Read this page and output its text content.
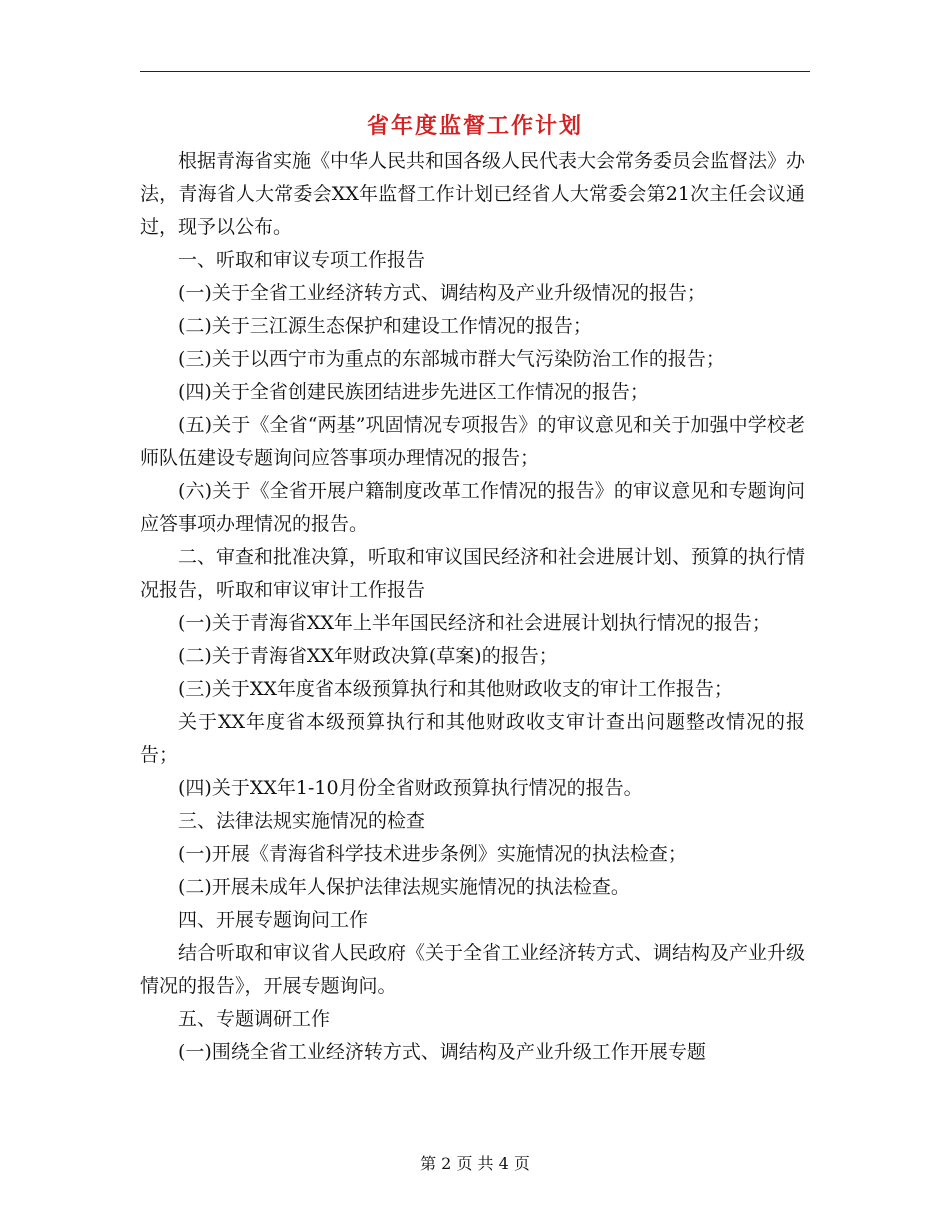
省年度监督工作计划

根据青海省实施《中华人民共和国各级人民代表大会常务委员会监督法》办法，青海省人大常委会XX年监督工作计划已经省人大常委会第21次主任会议通过，现予以公布。

一、听取和审议专项工作报告

(一)关于全省工业经济转方式、调结构及产业升级情况的报告；

(二)关于三江源生态保护和建设工作情况的报告；

(三)关于以西宁市为重点的东部城市群大气污染防治工作的报告；

(四)关于全省创建民族团结进步先进区工作情况的报告；

(五)关于《全省“两基”巩固情况专项报告》的审议意见和关于加强中学校老师队伍建设专题询问应答事项办理情况的报告；

(六)关于《全省开展户籍制度改革工作情况的报告》的审议意见和专题询问应答事项办理情况的报告。

二、审查和批准决算，听取和审议国民经济和社会进展计划、预算的执行情况报告，听取和审议审计工作报告

(一)关于青海省XX年上半年国民经济和社会进展计划执行情况的报告；

(二)关于青海省XX年财政决算(草案)的报告；

(三)关于XX年度省本级预算执行和其他财政收支的审计工作报告；

关于XX年度省本级预算执行和其他财政收支审计查出问题整改情况的报告；

(四)关于XX年1-10月份全省财政预算执行情况的报告。

三、法律法规实施情况的检查

(一)开展《青海省科学技术进步条例》实施情况的执法检查；

(二)开展未成年人保护法律法规实施情况的执法检查。

四、开展专题询问工作

结合听取和审议省人民政府《关于全省工业经济转方式、调结构及产业升级情况的报告》，开展专题询问。

五、专题调研工作

(一)围绕全省工业经济转方式、调结构及产业升级工作开展专题

第 2 页 共 4 页
